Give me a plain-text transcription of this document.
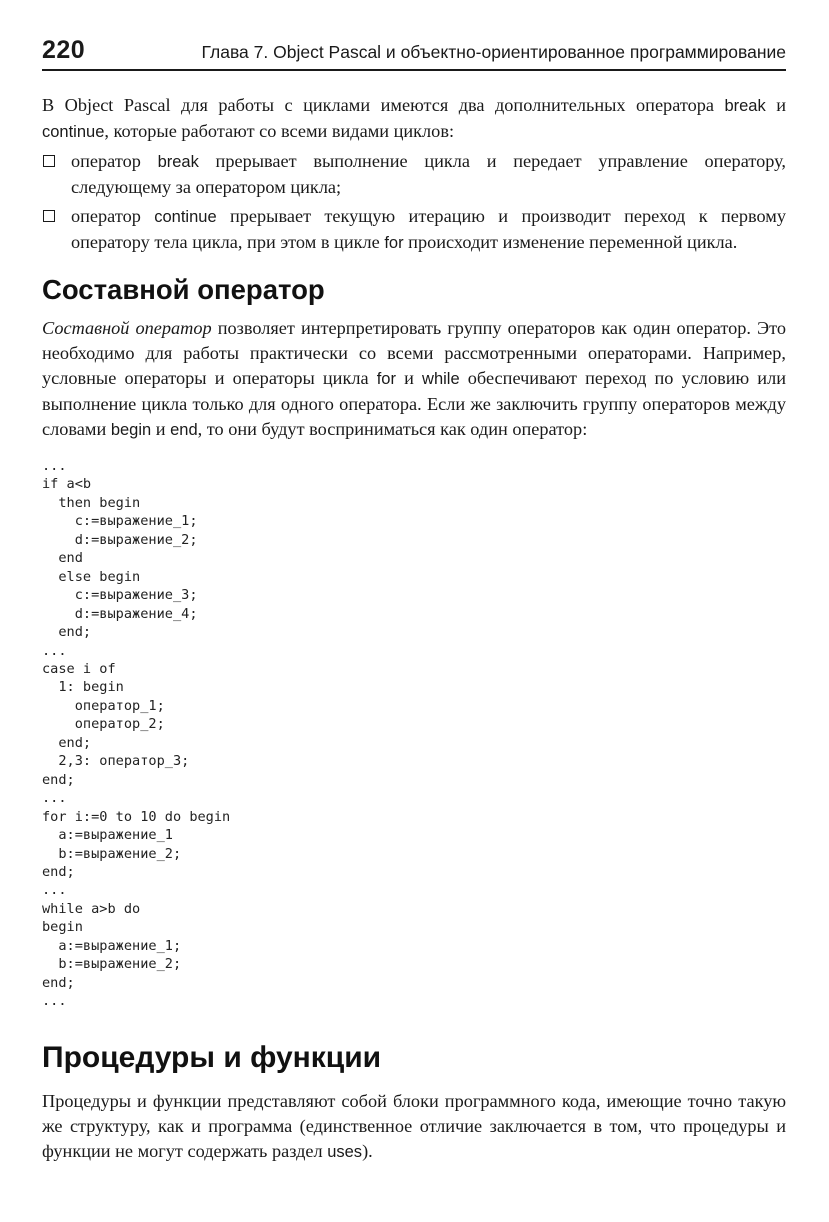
220	Глава 7. Object Pascal и объектно-ориентированное программирование

В Object Pascal для работы с циклами имеются два дополнительных оператора break и continue, которые работают со всеми видами циклов:

оператор break прерывает выполнение цикла и передает управление оператору, следующему за оператором цикла;
оператор continue прерывает текущую итерацию и производит переход к первому оператору тела цикла, при этом в цикле for происходит изменение переменной цикла.
Составной оператор

Составной оператор позволяет интерпретировать группу операторов как один оператор. Это необходимо для работы практически со всеми рассмотренными операторами. Например, условные операторы и операторы цикла for и while обеспечивают переход по условию или выполнение цикла только для одного оператора. Если же заключить группу операторов между словами begin и end, то они будут восприниматься как один оператор:

...
if a<b
then begin
c:=выражение_1;
d:=выражение_2;
end
else begin
c:=выражение_3;
d:=выражение_4;
end;
...
case i of
1: begin
оператор_1;
оператор_2;
end;
2,3: оператор_3;
end;
...
for i:=0 to 10 do begin
a:=выражение_1
b:=выражение_2;
end;
...
while a>b do
begin
a:=выражение_1;
b:=выражение_2;
end;
...
Процедуры и функции

Процедуры и функции представляют собой блоки программного кода, имеющие точно такую же структуру, как и программа (единственное отличие заключается в том, что процедуры и функции не могут содержать раздел uses).
